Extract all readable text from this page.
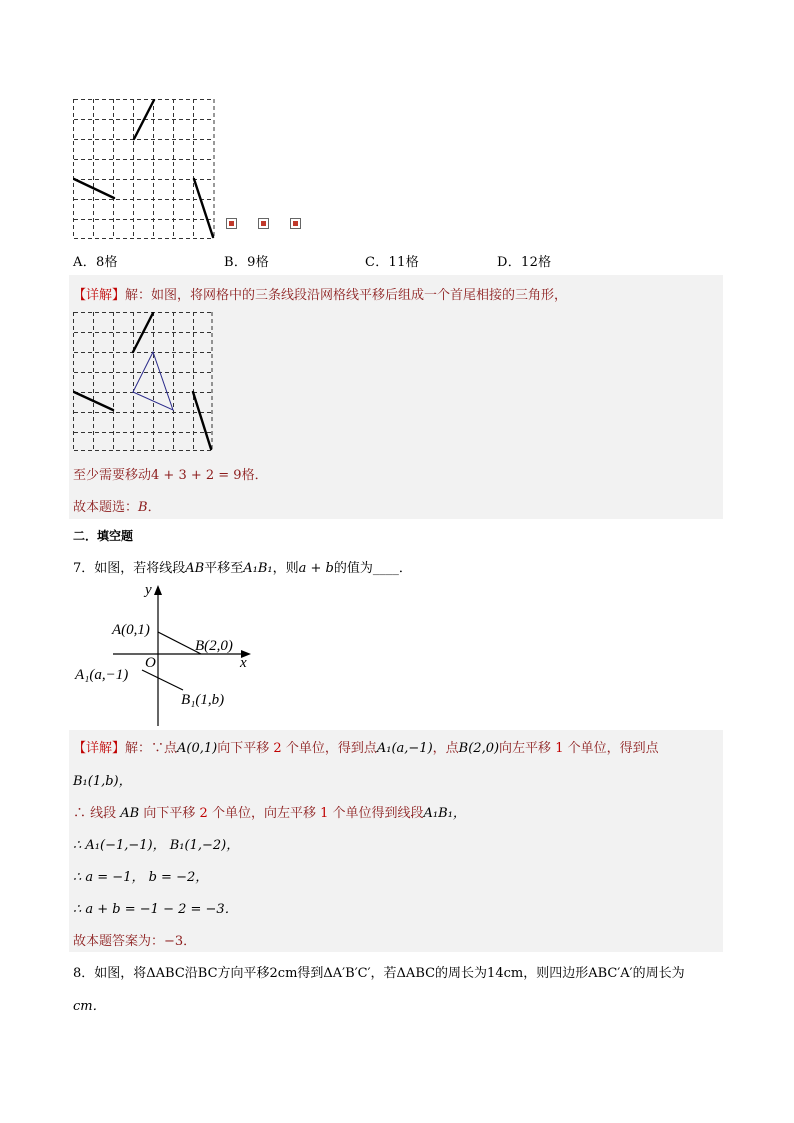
A．8格	B．9格	C．11格	D．12格
【详解】解：如图，将网格中的三条线段沿网格线平移后组成一个首尾相接的三角形，
至少需要移动4 + 3 + 2 = 9格．
故本题选：B．
二．填空题
7．如图，若将线段AB平移至A₁B₁，则a + b的值为____．
y
x
O
A(0,1)
B(2,0)
A₁(a,−1)
B₁(1,b)
【详解】解：∵点A(0,1)向下平移 2 个单位，得到点A₁(a,−1)，点B(2,0)向左平移 1 个单位，得到点
B₁(1,b)，
∴ 线段 AB 向下平移 2 个单位，向左平移 1 个单位得到线段A₁B₁，
∴ A₁(−1,−1)， B₁(1,−2)，
∴ a = −1， b = −2，
∴ a + b = −1 − 2 = −3．
故本题答案为：−3．
8．如图，将ΔABC沿BC方向平移2cm得到ΔA′B′C′，若ΔABC的周长为14cm，则四边形ABC′A′的周长为
cm．
